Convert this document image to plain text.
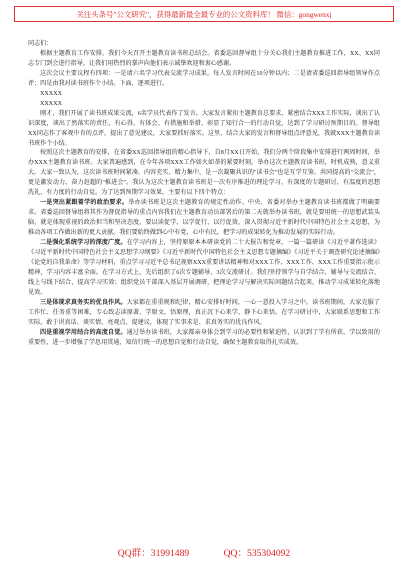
关注头条号"公文研究"，获得最新最全最专业的公文资料库！ 微信：gongwenxj

同志们：

根据主题教育工作安排，我们今天召开主题教育读书班总结会。省委巡回督导组十分关心我们主题教育推进工作，XX、XX同志专门到会进行指导，让我们用热烈的掌声向他们表示诚挚欢迎和衷心感谢。

这次会议主要议程有四项：一是请六名学习代表交流学习成果，每人发言时间在10分钟以内；二是请省委巡回指导组领导作点评；四是由我对读书班作个小结。下面，逐项进行。

XXXXX

XXXXX

刚才，我们开展了读书班成果交流，6名学员代表作了发言。大家发言紧扣主题教育总要求，紧密结合XXX工作实际，谈出了认识深度，谈出了然落实的责任，有心得、有体会、有措施和举措，彰显了知行合一的行动自觉，达到了学习研讨预期目的。督导组XX同志作了客观中肯的点评，提出了意见建议，大家要抓好落实。这里，结合大家的发言和督导组点评意见，我就XXX主题教育读书班作个小结。

按照这次主题教育的安排，在省委XX巡回指导组的精心指导下，自8月XX日开始，我们分两个阶段集中安排进行两周时间，举办XXX主题教育读书班。大家普遍感到，在今年各项XXX工作如火如荼的紧要时刻，举办这次主题教育读书班，时机成熟，意义重大。大家一致认为，这次读书班时间紧凑、内容充实、精力集中，是一次凝聚共识的"读书会"也是互学互鉴、共同提高的"交流会"，更是激发动力、奋力赶超的"推进会"。我认为这次主题教育读书班是一次有序推进的理论学习、有深度的专题研讨，有温度的思想洗礼，有力度的行动自觉。为了达到预期学习效果，主要有以下四个特点：

一是突出紧跟着学的政治要求。举办读书班是这次主题教育的规定性动作。中央、省委对举办主题教育读书班都做了明确要求。省委巡回督导组将其作为督促指导的重点内容我们在主题教育动员部署后的第二天就举办读书班，就是要用统一的思想武装头脑，就是体现重视的政治担当和坚决态度。要以读促学、以学促行、以行促效，深入贯彻习近平新时代中国特色社会主义思想，为推动各项工作做出新的更大贡献。我们要始终做到心中有党、心中有民，把学习的成果转化为推动发展的实际行动。

二是强化系统学习的深度广度。在学习内容上，坚持原原本本研读党的二十大报告和党章，一篇一篇研读《习近平著作选读》《习近平新时代中国特色社会主义思想学习纲要》《习近平新时代中国特色社会主义思想专题摘编》《习近平关于调查研究论述摘编》《论党的自我革命》等学习材料，重点学习习近平总书记视察XXX重要讲话精神和对XXX工作、XXX工作、XXX工作重要指示批示精神，学习内容丰富全面。在学习方式上，先后组织了6次专题辅导、3次交流研讨。我们坚持领学与自学结合、辅导与交流结合、线上与线下结合，提高学习实效；组织党员干部深入基层开展调研，把理论学习与解决实际问题结合起来，推动学习成果转化落地见效。

三是体现求真务实的优良作风。大家都在重重规和纪律，精心安排好时间，一心一意投入学习之中。读书班期间，大家克服了工作忙、任务重等困难，专心致志读原著、学原文、悟原理，真正沉下心来学、静下心来悟。在学习研讨中，大家联系思想和工作实际，敢于讲真话、谈实情、亮观点、提建议，体现了实事求是、求真务实的优良作风。

四是重视学用结合的高度自觉。通过举办读书班，大家都亲身体会到学习的必要性和紧迫性，认识到了学有所获、学以致用的重要性，进一步增强了学思用贯通、知信行统一的思想自觉和行动自觉，确保主题教育取得扎实成效。

QQ群：31991489	QQ：535304092
